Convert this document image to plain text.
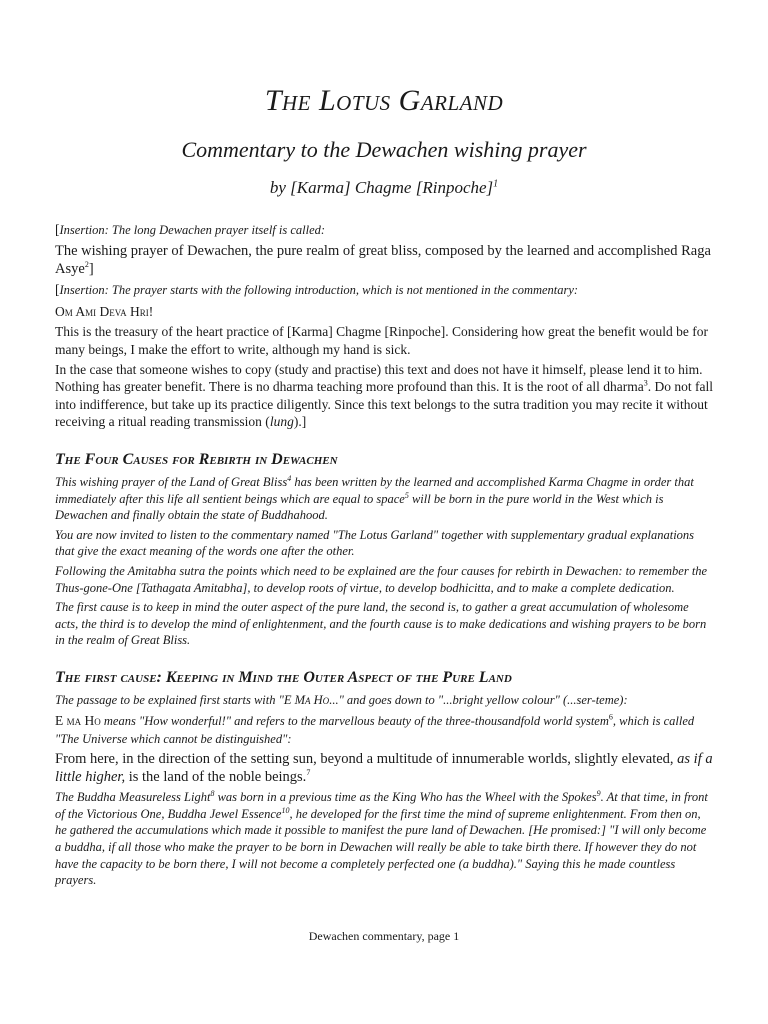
The Lotus Garland
Commentary to the Dewachen wishing prayer
by [Karma] Chagme [Rinpoche]$^1$

[Insertion: The long Dewachen prayer itself is called:

The wishing prayer of Dewachen, the pure realm of great bliss, composed by the learned and accomplished Raga Asye$^2$]

[Insertion: The prayer starts with the following introduction, which is not mentioned in the commentary:

Om Ami Deva Hri!

This is the treasury of the heart practice of [Karma] Chagme [Rinpoche]. Considering how great the benefit would be for many beings, I make the effort to write, although my hand is sick.

In the case that someone wishes to copy (study and practise) this text and does not have it himself, please lend it to him. Nothing has greater benefit. There is no dharma teaching more profound than this. It is the root of all dharma$^3$. Do not fall into indifference, but take up its practice diligently. Since this text belongs to the sutra tradition you may recite it without receiving a ritual reading transmission (lung).]

The Four Causes for Rebirth in Dewachen

This wishing prayer of the Land of Great Bliss$^4$ has been written by the learned and accomplished Karma Chagme in order that immediately after this life all sentient beings which are equal to space$^5$ will be born in the pure world in the West which is Dewachen and finally obtain the state of Buddhahood.

You are now invited to listen to the commentary named "The Lotus Garland" together with supplementary gradual explanations that give the exact meaning of the words one after the other.

Following the Amitabha sutra the points which need to be explained are the four causes for rebirth in Dewachen: to remember the Thus-gone-One [Tathagata Amitabha], to develop roots of virtue, to develop bodhicitta, and to make a complete dedication.

The first cause is to keep in mind the outer aspect of the pure land, the second is, to gather a great accumulation of wholesome acts, the third is to develop the mind of enlightenment, and the fourth cause is to make dedications and wishing prayers to be born in the realm of Great Bliss.

The first cause: Keeping in Mind the Outer Aspect of the Pure Land

The passage to be explained first starts with "E Ma Ho..." and goes down to "...bright yellow colour" (...ser-teme):

E ma Ho means "How wonderful!" and refers to the marvellous beauty of the three-thousandfold world system$^6$, which is called "The Universe which cannot be distinguished":

From here, in the direction of the setting sun, beyond a multitude of innumerable worlds, slightly elevated, as if a little higher, is the land of the noble beings.$^7$

The Buddha Measureless Light$^8$ was born in a previous time as the King Who has the Wheel with the Spokes$^9$. At that time, in front of the Victorious One, Buddha Jewel Essence$^{10}$, he developed for the first time the mind of supreme enlightenment. From then on, he gathered the accumulations which made it possible to manifest the pure land of Dewachen. [He promised:] "I will only become a buddha, if all those who make the prayer to be born in Dewachen will really be able to take birth there. If however they do not have the capacity to be born there, I will not become a completely perfected one (a buddha)." Saying this he made countless prayers.

Dewachen commentary, page 1
